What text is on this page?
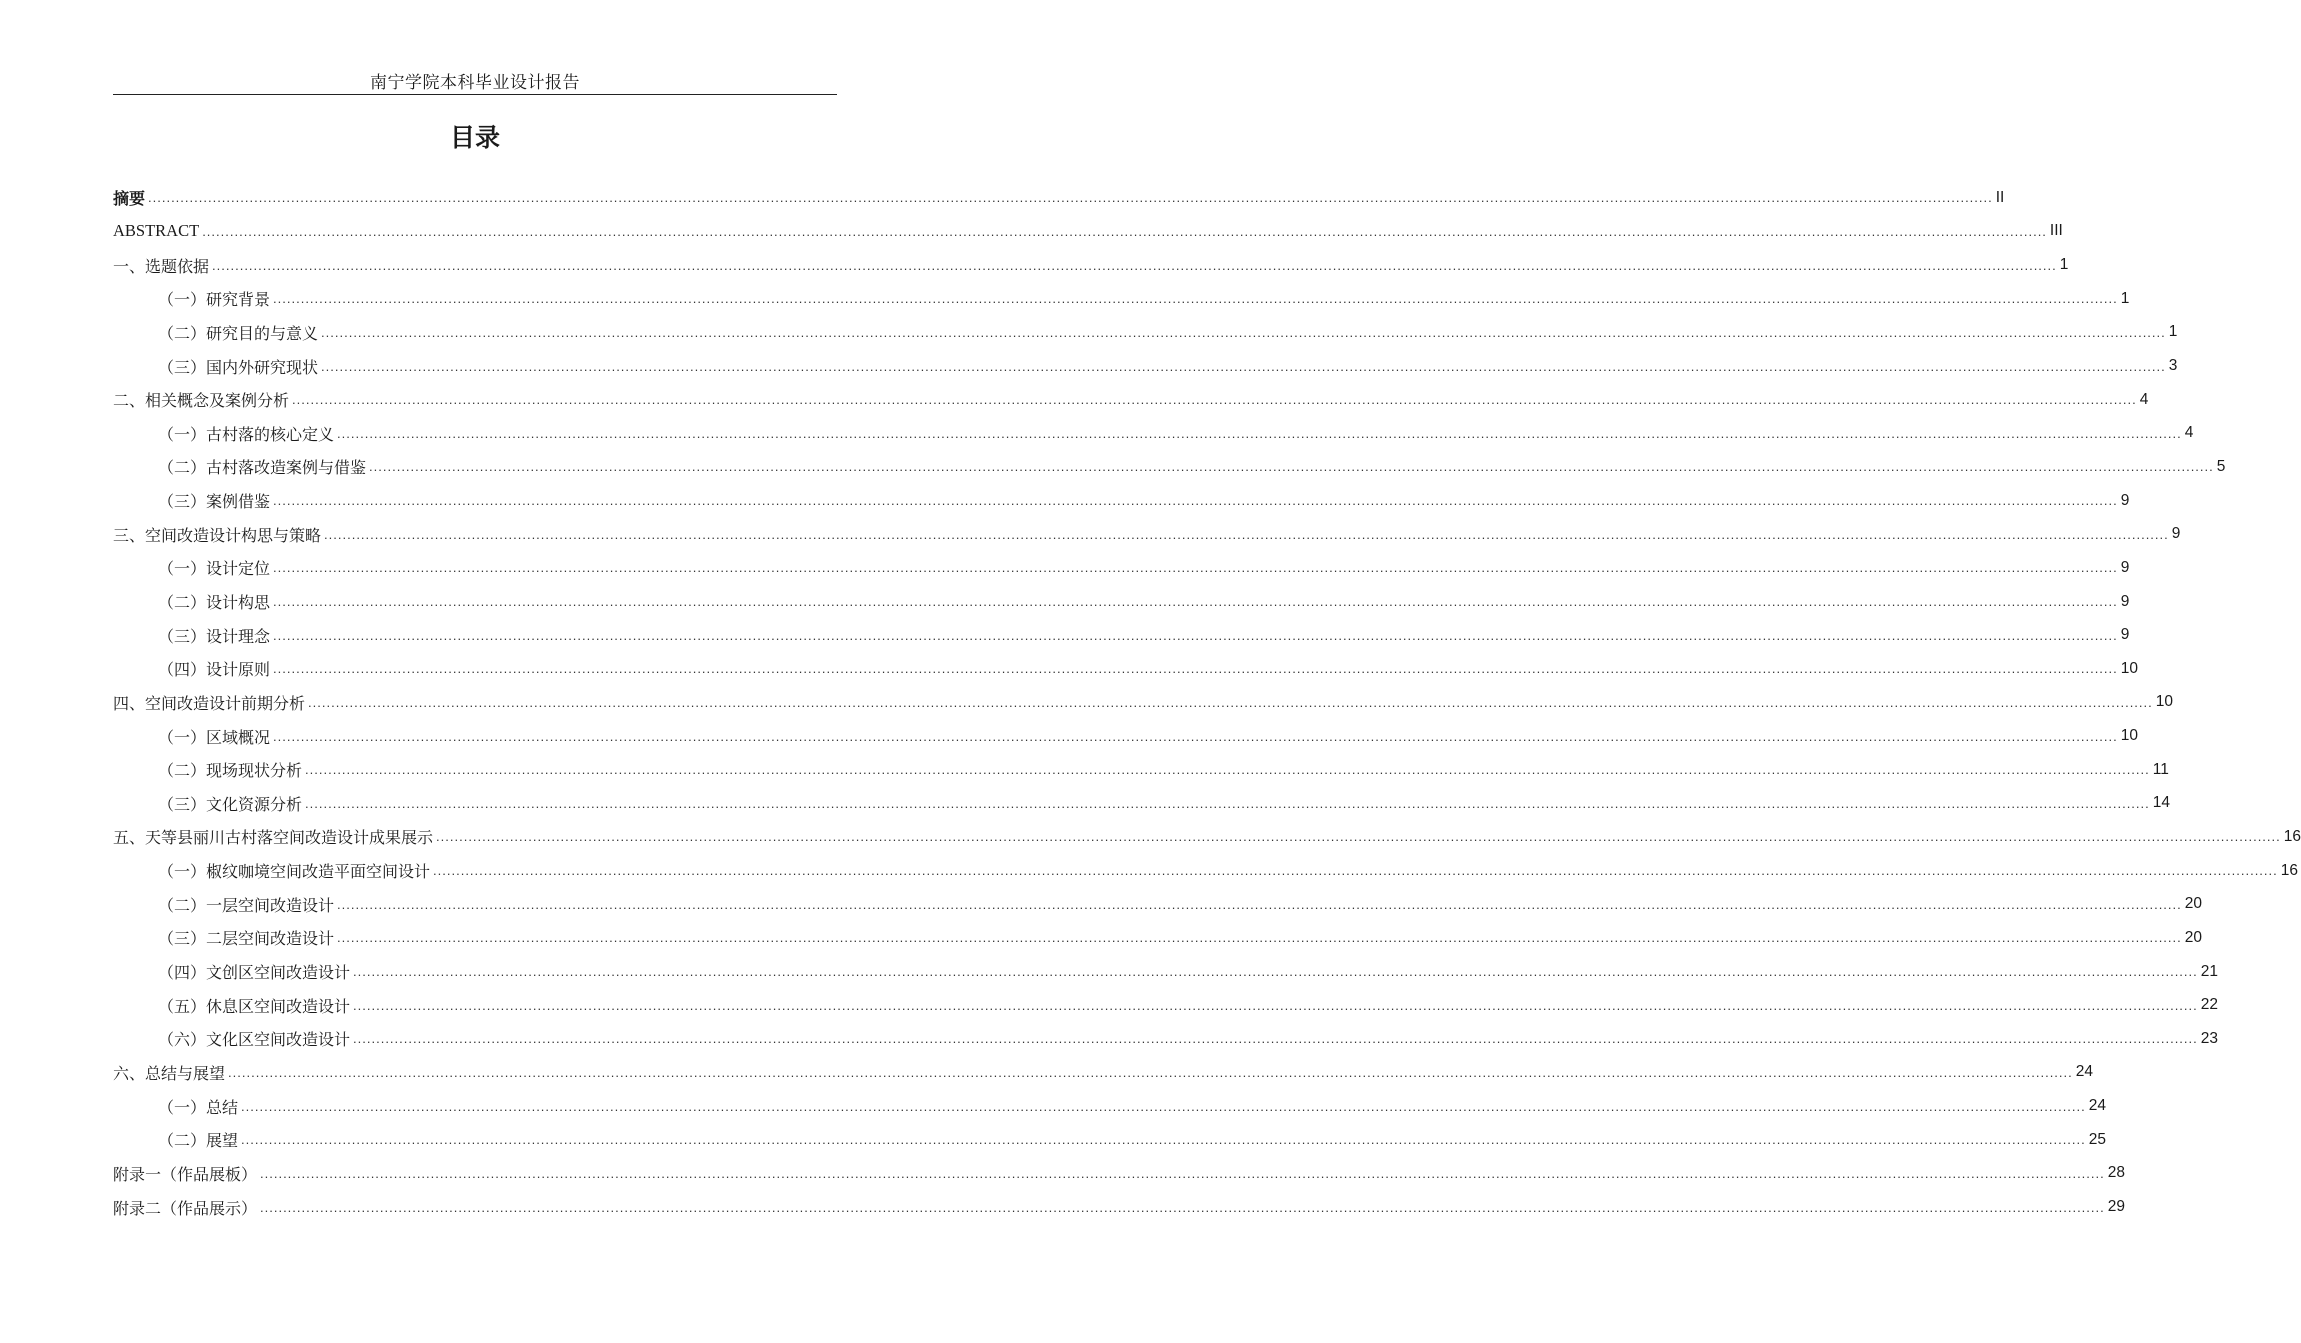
南宁学院本科毕业设计报告
目录
摘要 ................................................................................................................................................................................................................................................................................................................................................................................................................ II
ABSTRACT ................................................................................................................................................................................................................................................................................................................................................................................................................ III
一、 选题依据 ................................................................................................................................................................................................................................................................................................................................................................................................................ 1
（一） 研究背景 ................................................................................................................................................................................................................................................................................................................................................................................................................ 1
（二） 研究目的与意义 ................................................................................................................................................................................................................................................................................................................................................................................................................ 1
（三） 国内外研究现状 ................................................................................................................................................................................................................................................................................................................................................................................................................ 3
二、 相关概念及案例分析 ................................................................................................................................................................................................................................................................................................................................................................................................................ 4
（一） 古村落的核心定义 ................................................................................................................................................................................................................................................................................................................................................................................................................ 4
（二） 古村落改造案例与借鉴 ................................................................................................................................................................................................................................................................................................................................................................................................................ 5
（三） 案例借鉴 ................................................................................................................................................................................................................................................................................................................................................................................................................ 9
三、 空间改造设计构思与策略 ................................................................................................................................................................................................................................................................................................................................................................................................................ 9
（一） 设计定位 ................................................................................................................................................................................................................................................................................................................................................................................................................ 9
（二） 设计构思 ................................................................................................................................................................................................................................................................................................................................................................................................................ 9
（三） 设计理念 ................................................................................................................................................................................................................................................................................................................................................................................................................ 9
（四） 设计原则 ................................................................................................................................................................................................................................................................................................................................................................................................................ 10
四、 空间改造设计前期分析 ................................................................................................................................................................................................................................................................................................................................................................................................................ 10
（一） 区域概况 ................................................................................................................................................................................................................................................................................................................................................................................................................ 10
（二） 现场现状分析 ................................................................................................................................................................................................................................................................................................................................................................................................................ 11
（三） 文化资源分析 ................................................................................................................................................................................................................................................................................................................................................................................................................ 14
五、 天等县丽川古村落空间改造设计成果展示 ................................................................................................................................................................................................................................................................................................................................................................................................................ 16
（一） 椒纹咖境空间改造平面空间设计 ................................................................................................................................................................................................................................................................................................................................................................................................................ 16
（二） 一层空间改造设计 ................................................................................................................................................................................................................................................................................................................................................................................................................ 20
（三） 二层空间改造设计 ................................................................................................................................................................................................................................................................................................................................................................................................................ 20
（四） 文创区空间改造设计 ................................................................................................................................................................................................................................................................................................................................................................................................................ 21
（五） 休息区空间改造设计 ................................................................................................................................................................................................................................................................................................................................................................................................................ 22
（六） 文化区空间改造设计 ................................................................................................................................................................................................................................................................................................................................................................................................................ 23
六、 总结与展望 ................................................................................................................................................................................................................................................................................................................................................................................................................ 24
（一） 总结 ................................................................................................................................................................................................................................................................................................................................................................................................................ 24
（二） 展望 ................................................................................................................................................................................................................................................................................................................................................................................................................ 25
附录一（作品展板） ................................................................................................................................................................................................................................................................................................................................................................................................................ 28
附录二（作品展示） ................................................................................................................................................................................................................................................................................................................................................................................................................ 29
